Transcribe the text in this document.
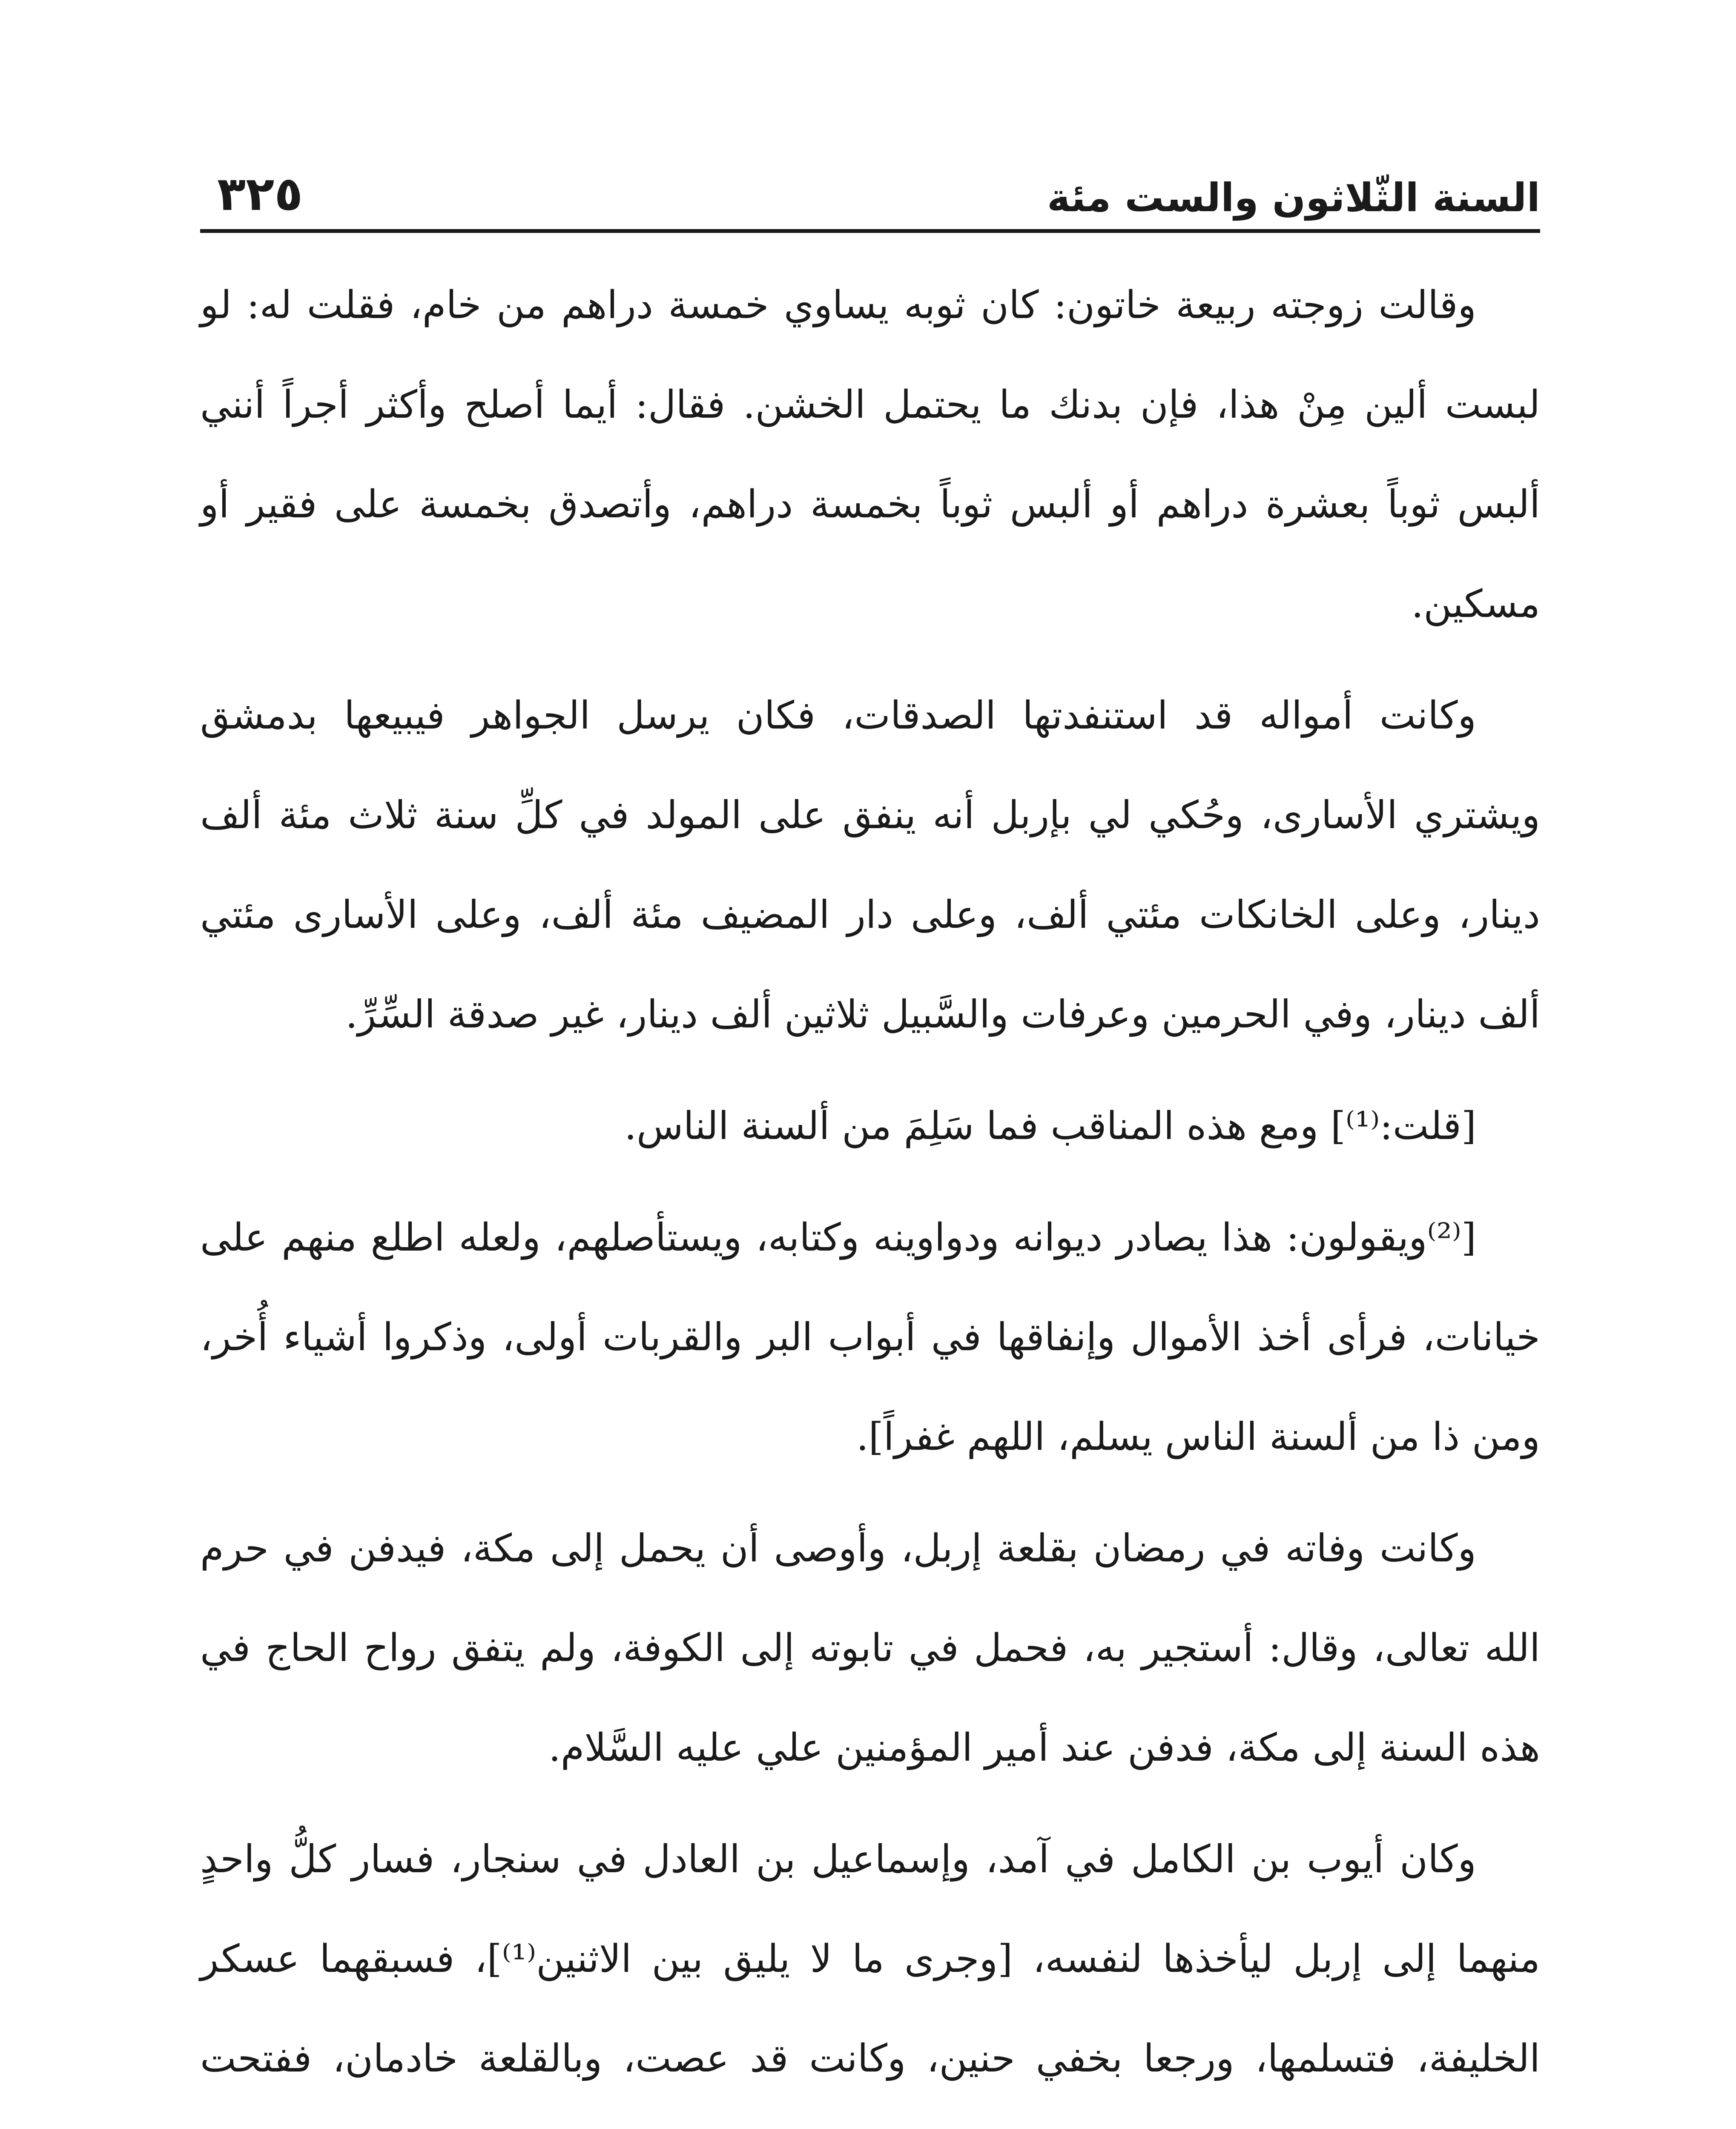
السنة الثّلاثون والست مئة
٣٢٥

وقالت زوجته ربيعة خاتون: كان ثوبه يساوي خمسة دراهم من خام، فقلت له: لو لبست ألين مِنْ هذا، فإن بدنك ما يحتمل الخشن. فقال: أيما أصلح وأكثر أجراً أنني ألبس ثوباً بعشرة دراهم أو ألبس ثوباً بخمسة دراهم، وأتصدق بخمسة على فقير أو مسكين.

وكانت أمواله قد استنفدتها الصدقات، فكان يرسل الجواهر فيبيعها بدمشق ويشتري الأسارى، وحُكي لي بإربل أنه ينفق على المولد في كلِّ سنة ثلاث مئة ألف دينار، وعلى الخانكات مئتي ألف، وعلى دار المضيف مئة ألف، وعلى الأسارى مئتي ألف دينار، وفي الحرمين وعرفات والسَّبيل ثلاثين ألف دينار، غير صدقة السِّرِّ.

[قلت:⁽¹⁾] ومع هذه المناقب فما سَلِمَ من ألسنة الناس.

[⁽²⁾ويقولون: هذا يصادر ديوانه ودواوينه وكتابه، ويستأصلهم، ولعله اطلع منهم على خيانات، فرأى أخذ الأموال وإنفاقها في أبواب البر والقربات أولى، وذكروا أشياء أُخر، ومن ذا من ألسنة الناس يسلم، اللهم غفراً].

وكانت وفاته في رمضان بقلعة إربل، وأوصى أن يحمل إلى مكة، فيدفن في حرم الله تعالى، وقال: أستجير به، فحمل في تابوته إلى الكوفة، ولم يتفق رواح الحاج في هذه السنة إلى مكة، فدفن عند أمير المؤمنين علي عليه السَّلام.

وكان أيوب بن الكامل في آمد، وإسماعيل بن العادل في سنجار، فسار كلُّ واحدٍ منهما إلى إربل ليأخذها لنفسه، [وجرى ما لا يليق بين الاثنين⁽¹⁾]، فسبقهما عسكر الخليفة، فتسلمها، ورجعا بخفي حنين، وكانت قد عصت، وبالقلعة خادمان، ففتحت
